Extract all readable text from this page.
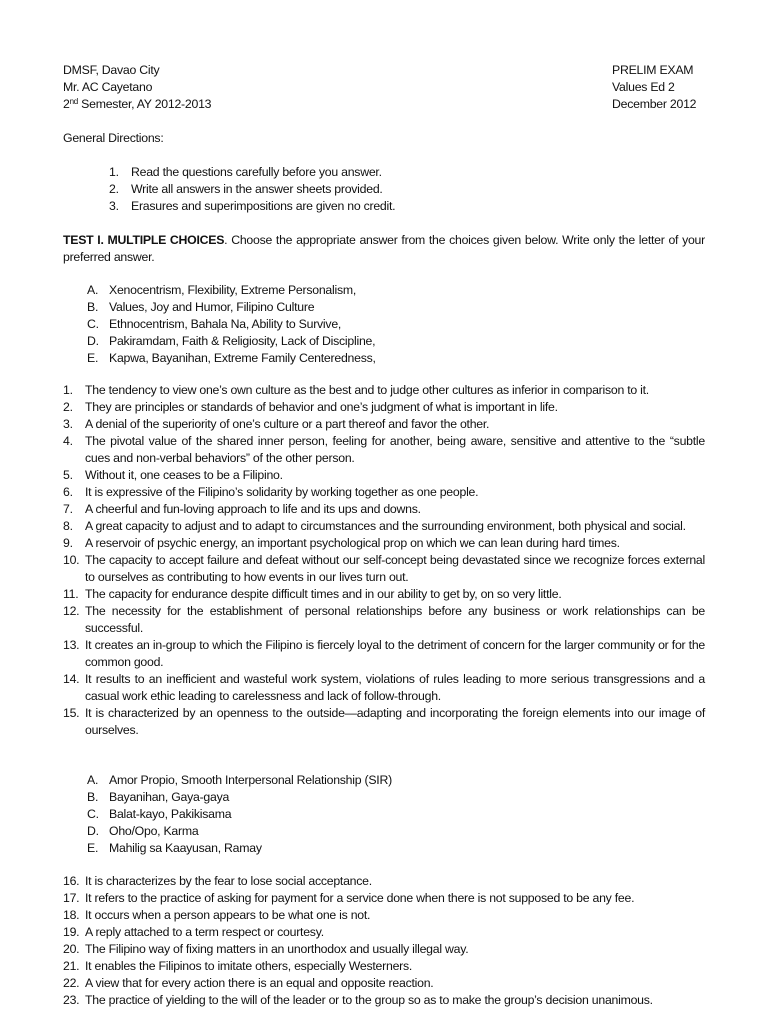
DMSF, Davao City
Mr. AC Cayetano
2nd Semester, AY 2012-2013
PRELIM EXAM
Values Ed 2
December 2012
General Directions:
1. Read the questions carefully before you answer.
2. Write all answers in the answer sheets provided.
3. Erasures and superimpositions are given no credit.
TEST I. MULTIPLE CHOICES. Choose the appropriate answer from the choices given below. Write only the letter of your preferred answer.
A. Xenocentrism, Flexibility, Extreme Personalism,
B. Values, Joy and Humor, Filipino Culture
C. Ethnocentrism, Bahala Na, Ability to Survive,
D. Pakiramdam, Faith & Religiosity, Lack of Discipline,
E. Kapwa, Bayanihan, Extreme Family Centeredness,
1. The tendency to view one’s own culture as the best and to judge other cultures as inferior in comparison to it.
2. They are principles or standards of behavior and one’s judgment of what is important in life.
3. A denial of the superiority of one’s culture or a part thereof and favor the other.
4. The pivotal value of the shared inner person, feeling for another, being aware, sensitive and attentive to the “subtle cues and non-verbal behaviors” of the other person.
5. Without it, one ceases to be a Filipino.
6. It is expressive of the Filipino’s solidarity by working together as one people.
7. A cheerful and fun-loving approach to life and its ups and downs.
8. A great capacity to adjust and to adapt to circumstances and the surrounding environment, both physical and social.
9. A reservoir of psychic energy, an important psychological prop on which we can lean during hard times.
10. The capacity to accept failure and defeat without our self-concept being devastated since we recognize forces external to ourselves as contributing to how events in our lives turn out.
11. The capacity for endurance despite difficult times and in our ability to get by, on so very little.
12. The necessity for the establishment of personal relationships before any business or work relationships can be successful.
13. It creates an in-group to which the Filipino is fiercely loyal to the detriment of concern for the larger community or for the common good.
14. It results to an inefficient and wasteful work system, violations of rules leading to more serious transgressions and a casual work ethic leading to carelessness and lack of follow-through.
15. It is characterized by an openness to the outside—adapting and incorporating the foreign elements into our image of ourselves.
A. Amor Propio, Smooth Interpersonal Relationship (SIR)
B. Bayanihan, Gaya-gaya
C. Balat-kayo, Pakikisama
D. Oho/Opo, Karma
E. Mahilig sa Kaayusan, Ramay
16. It is characterizes by the fear to lose social acceptance.
17. It refers to the practice of asking for payment for a service done when there is not supposed to be any fee.
18. It occurs when a person appears to be what one is not.
19. A reply attached to a term respect or courtesy.
20. The Filipino way of fixing matters in an unorthodox and usually illegal way.
21. It enables the Filipinos to imitate others, especially Westerners.
22. A view that for every action there is an equal and opposite reaction.
23. The practice of yielding to the will of the leader or to the group so as to make the group’s decision unanimous.
